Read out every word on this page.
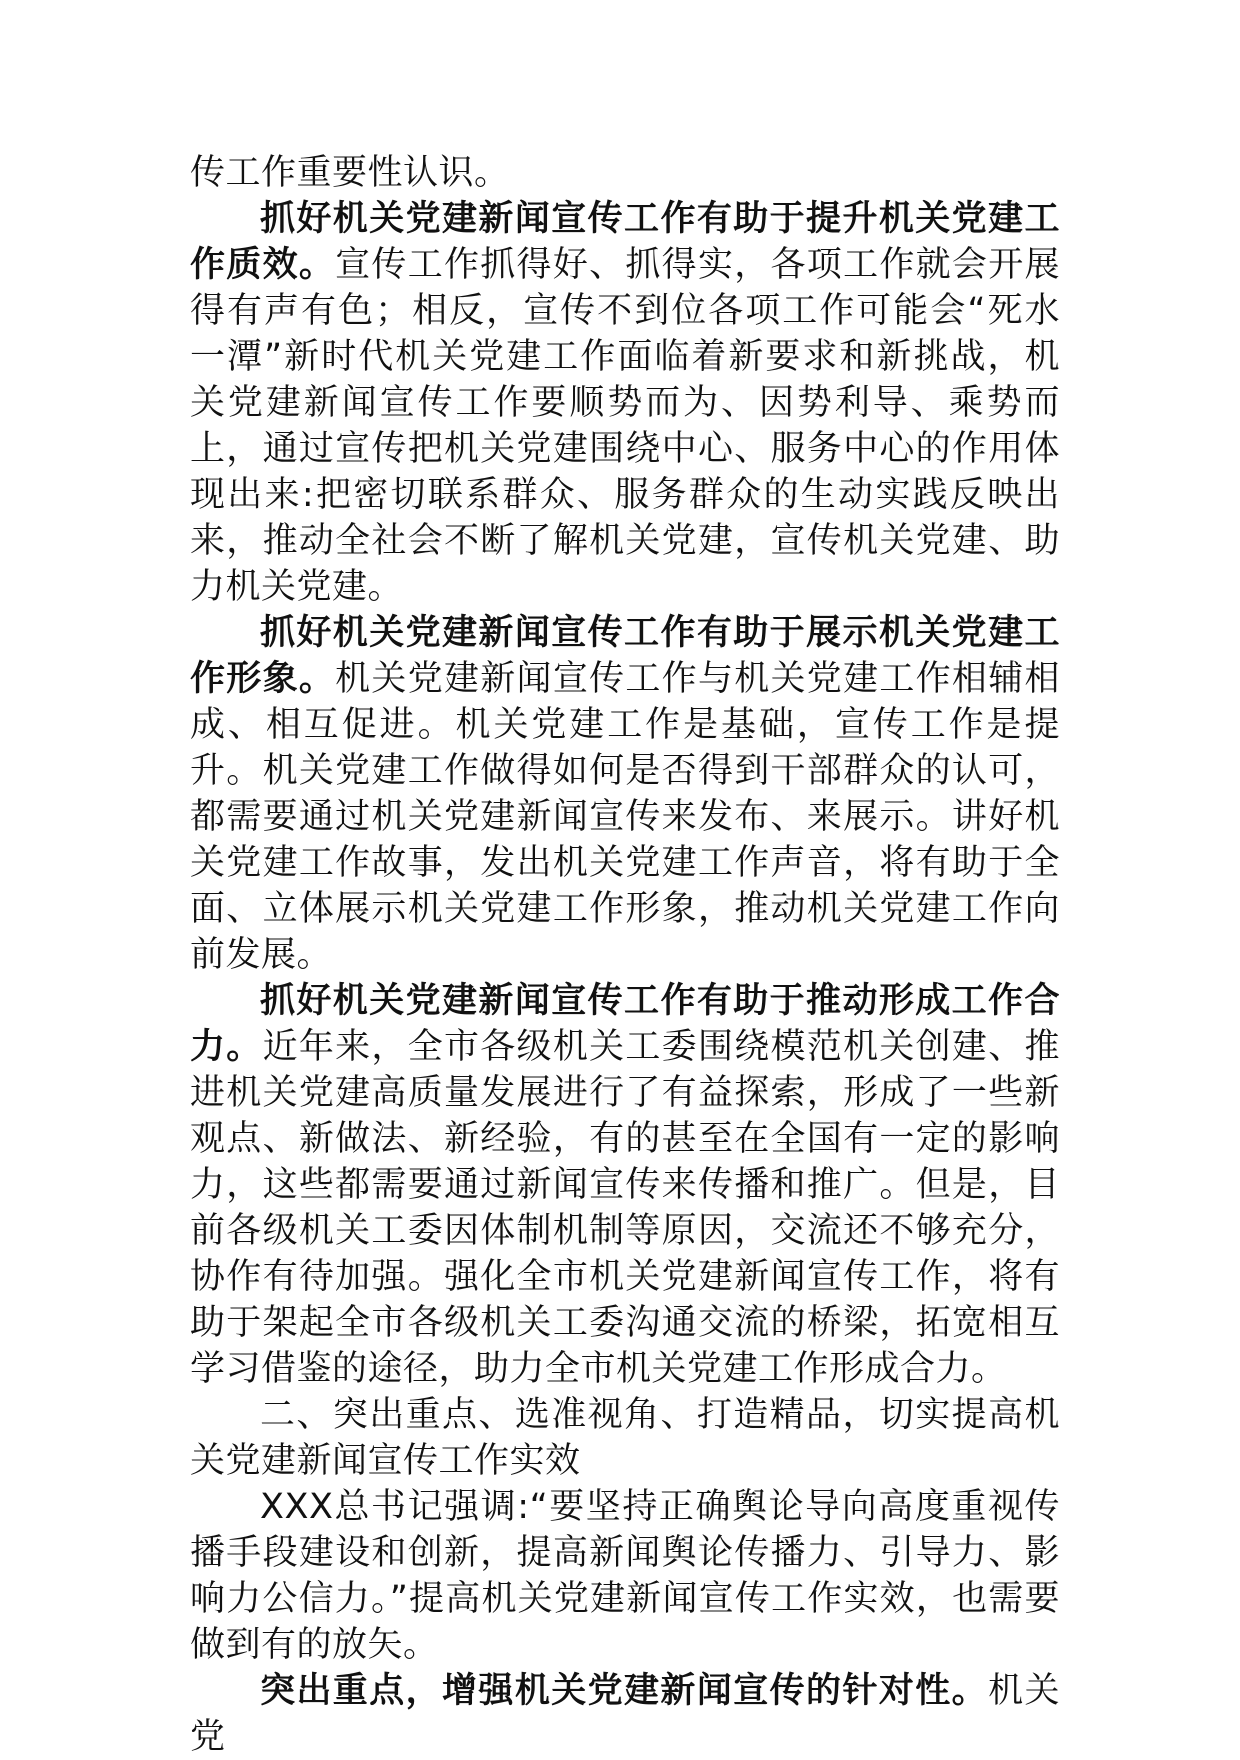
传工作重要性认识。

抓好机关党建新闻宣传工作有助于提升机关党建工作质效。宣传工作抓得好、抓得实，各项工作就会开展得有声有色；相反，宣传不到位各项工作可能会“死水一潭”新时代机关党建工作面临着新要求和新挑战，机关党建新闻宣传工作要顺势而为、因势利导、乘势而上，通过宣传把机关党建围绕中心、服务中心的作用体现出来:把密切联系群众、服务群众的生动实践反映出来，推动全社会不断了解机关党建，宣传机关党建、助力机关党建。

抓好机关党建新闻宣传工作有助于展示机关党建工作形象。机关党建新闻宣传工作与机关党建工作相辅相成、相互促进。机关党建工作是基础，宣传工作是提升。机关党建工作做得如何是否得到干部群众的认可，都需要通过机关党建新闻宣传来发布、来展示。讲好机关党建工作故事，发出机关党建工作声音，将有助于全面、立体展示机关党建工作形象，推动机关党建工作向前发展。

抓好机关党建新闻宣传工作有助于推动形成工作合力。近年来，全市各级机关工委围绕模范机关创建、推进机关党建高质量发展进行了有益探索，形成了一些新观点、新做法、新经验，有的甚至在全国有一定的影响力，这些都需要通过新闻宣传来传播和推广。但是，目前各级机关工委因体制机制等原因，交流还不够充分，协作有待加强。强化全市机关党建新闻宣传工作，将有助于架起全市各级机关工委沟通交流的桥梁，拓宽相互学习借鉴的途径，助力全市机关党建工作形成合力。

二、突出重点、选准视角、打造精品，切实提高机关党建新闻宣传工作实效

XXX总书记强调:“要坚持正确舆论导向高度重视传播手段建设和创新，提高新闻舆论传播力、引导力、影响力公信力。”提高机关党建新闻宣传工作实效，也需要做到有的放矢。

突出重点，增强机关党建新闻宣传的针对性。机关党
